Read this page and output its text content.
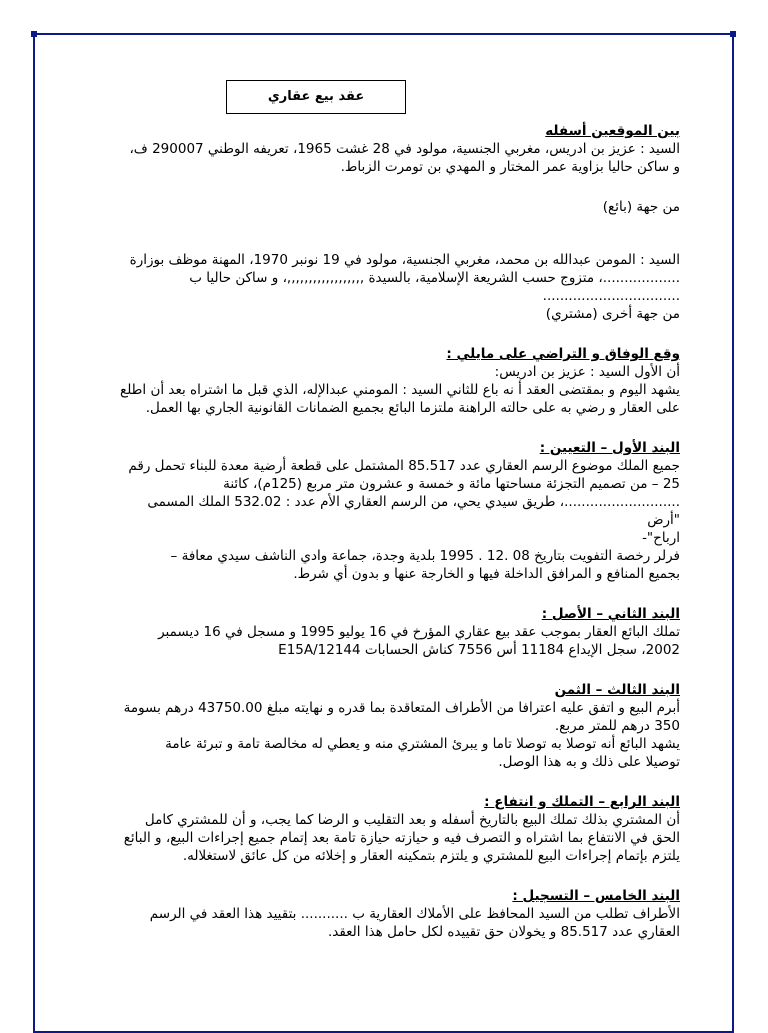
عقد بيع عقاري

بين الموقعين أسفله

السيد : عزيز بن ادريس، مغربي الجنسية، مولود في 28 غشت 1965، تعريفه الوطني 290007 ف،

و ساكن حاليا بزاوية عمر المختار و المهدي بن تومرت الزباط.

من جهة (بائع)

السيد : المومن عبدالله بن محمد، مغربي الجنسية، مولود في 19 نونبر 1970، المهنة موظف بوزارة

..................، متزوج حسب الشريعة الإسلامية، بالسيدة ,,,,,,,,,,,,,,,,,,، و ساكن حاليا ب

................................

من جهة أخرى (مشتري)

وقع الوفاق و التراضي على مايلي :

أن الأول السيد : عزيز بن ادريس:

يشهد اليوم و بمقتضى العقد أ نه باع للثاني السيد : المومني عبدالإله، الذي قبل ما اشتراه بعد أن اطلع

على العقار و رضي به على حالته الراهنة ملتزما البائع بجميع الضمانات القانونية الجاري بها العمل.

البند الأول – التعيين :

جميع الملك موضوع الرسم العقاري عدد 85.517 المشتمل على قطعة أرضية معدة للبناء تحمل رقم

25 – من تصميم التجزئة مساحتها مائة و خمسة و عشرون متر مربع (125م)، كائنة

...........................، طريق سيدي يحي، من الرسم العقاري الأم عدد : 532.02 الملك المسمى "أرض

ارباح"-

فرلر رخصة التفويت بتاريخ 08 .12 . 1995 بلدية وجدة، جماعة وادي الناشف سيدي معافة –

بجميع المنافع و المرافق الداخلة فيها و الخارجة عنها و بدون أي شرط.

البند الثاني – الأصل :

تملك البائع العقار بموجب عقد بيع عقاري المؤرخ في 16 يوليو 1995 و مسجل في 16 ديسمبر

2002، سجل الإيداع 11184 أس 7556 كناش الحسابات E15A/12144

البند الثالث – الثمن

أبرم البيع و اتفق عليه اعترافا من الأطراف المتعاقدة بما قدره و نهايته مبلغ 43750.00 درهم بسومة

350 درهم للمتر مربع.

يشهد البائع أنه توصلا به توصلا تاما و يبرئ المشتري منه و يعطي له مخالصة تامة و تبرئة عامة

توصيلا على ذلك و به هذا الوصل.

البند الرابع – التملك و انتفاع :

أن المشتري بذلك تملك البيع بالتاريخ أسفله و بعد التقليب و الرضا كما يجب، و أن للمشتري كامل

الحق في الانتفاع بما اشتراه و التصرف فيه و حيازته حيازة تامة بعد إتمام جميع إجراءات البيع، و البائع

يلتزم بإتمام إجراءات البيع للمشتري و يلتزم بتمكينه العقار و إخلائه من كل عائق لاستغلاله.

البند الخامس – التسجيل :

الأطراف تطلب من السيد المحافظ على الأملاك العقارية ب ........... بتقييد هذا العقد في الرسم

العقاري عدد 85.517 و يخولان حق تقييده لكل حامل هذا العقد.
